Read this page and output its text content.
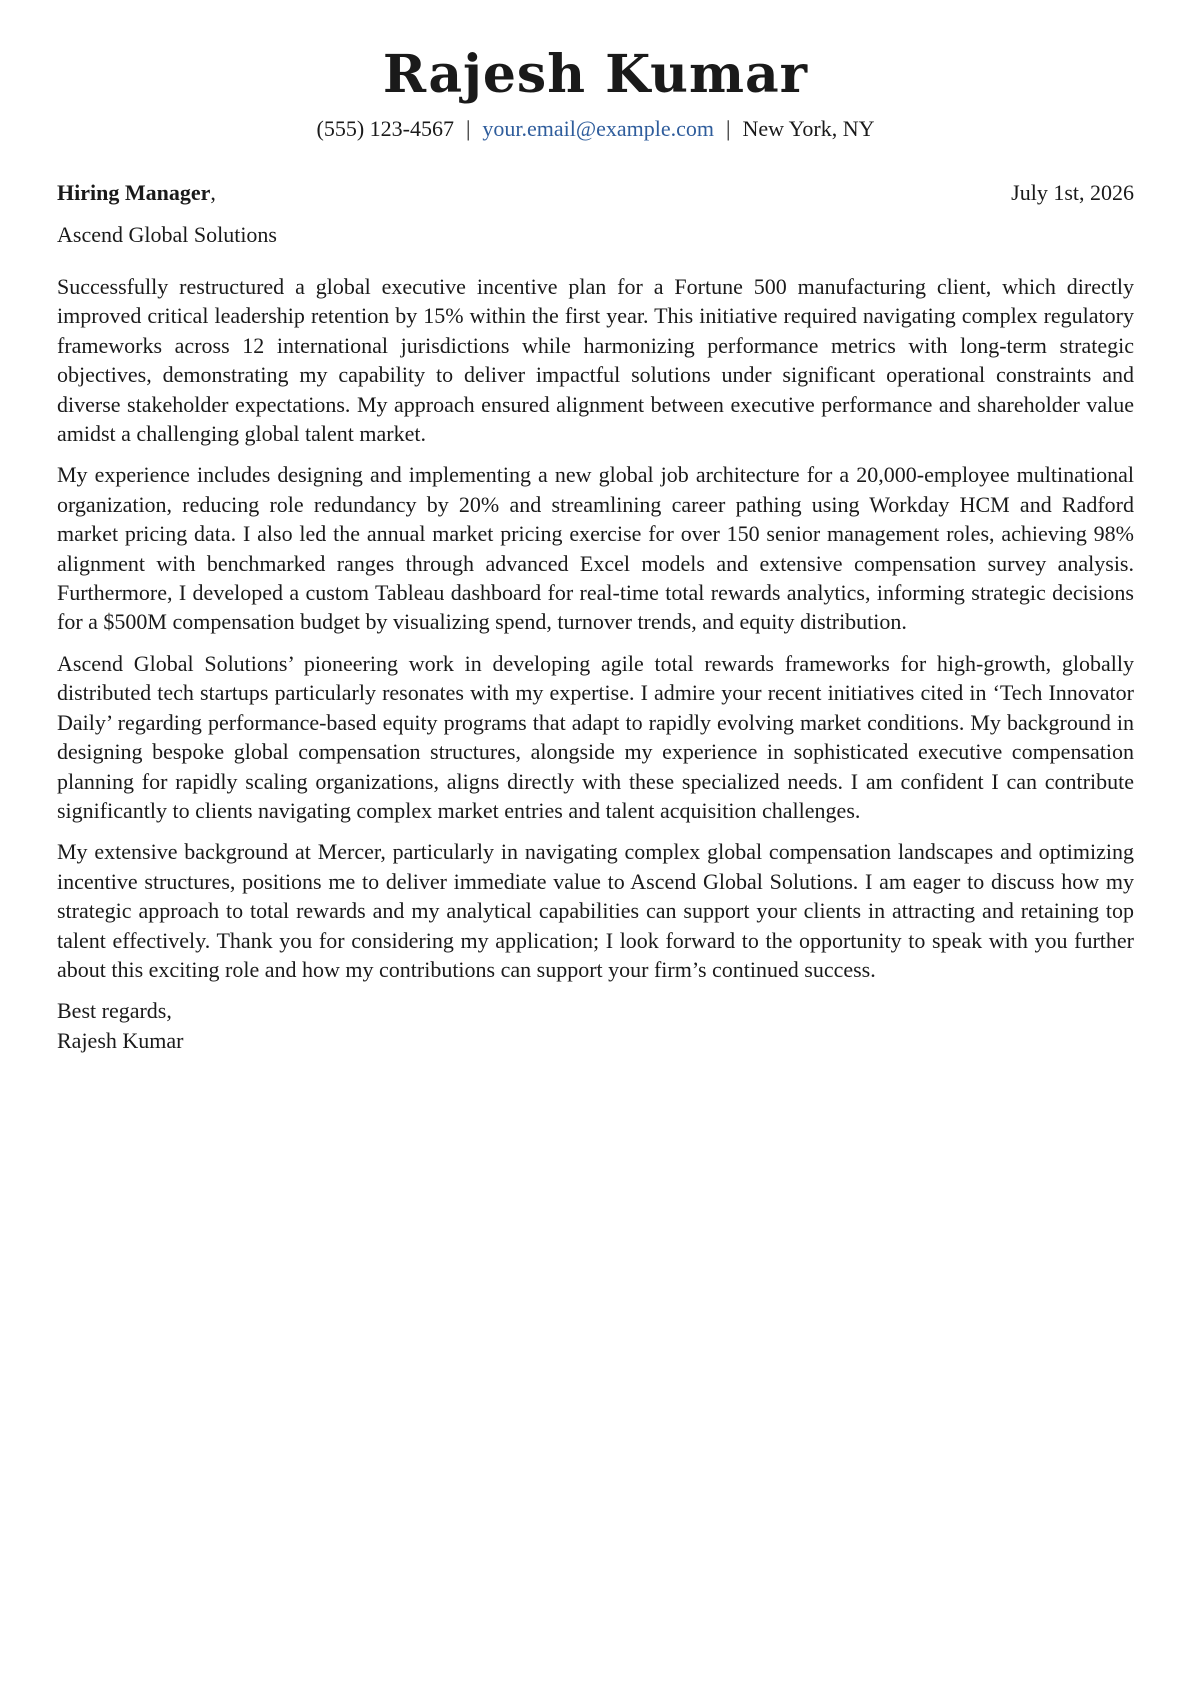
Rajesh Kumar
(555) 123-4567 | your.email@example.com | New York, NY
Hiring Manager,	July 1st, 2026
Ascend Global Solutions

Successfully restructured a global executive incentive plan for a Fortune 500 manufacturing client, which directly improved critical leadership retention by 15% within the first year. This initiative required navigating complex regulatory frameworks across 12 international jurisdictions while harmonizing performance metrics with long-term strategic objectives, demonstrating my capability to deliver impactful solutions under significant operational constraints and diverse stakeholder expectations. My approach ensured alignment between executive performance and shareholder value amidst a challenging global talent market.

My experience includes designing and implementing a new global job architecture for a 20,000-employee multinational organization, reducing role redundancy by 20% and streamlining career pathing using Workday HCM and Radford market pricing data. I also led the annual market pricing exercise for over 150 senior management roles, achieving 98% alignment with benchmarked ranges through advanced Excel models and extensive compensation survey analysis. Furthermore, I developed a custom Tableau dashboard for real-time total rewards analytics, informing strategic decisions for a $500M compensation budget by visualizing spend, turnover trends, and equity distribution.

Ascend Global Solutions’ pioneering work in developing agile total rewards frameworks for high-growth, globally distributed tech startups particularly resonates with my expertise. I admire your recent initiatives cited in ‘Tech Innovator Daily’ regarding performance-based equity programs that adapt to rapidly evolving market conditions. My background in designing bespoke global compensation structures, alongside my experience in sophisticated executive compensation planning for rapidly scaling organizations, aligns directly with these specialized needs. I am confident I can contribute significantly to clients navigating complex market entries and talent acquisition challenges.

My extensive background at Mercer, particularly in navigating complex global compensation landscapes and optimizing incentive structures, positions me to deliver immediate value to Ascend Global Solutions. I am eager to discuss how my strategic approach to total rewards and my analytical capabilities can support your clients in attracting and retaining top talent effectively. Thank you for considering my application; I look forward to the opportunity to speak with you further about this exciting role and how my contributions can support your firm’s continued success.

Best regards,
Rajesh Kumar
